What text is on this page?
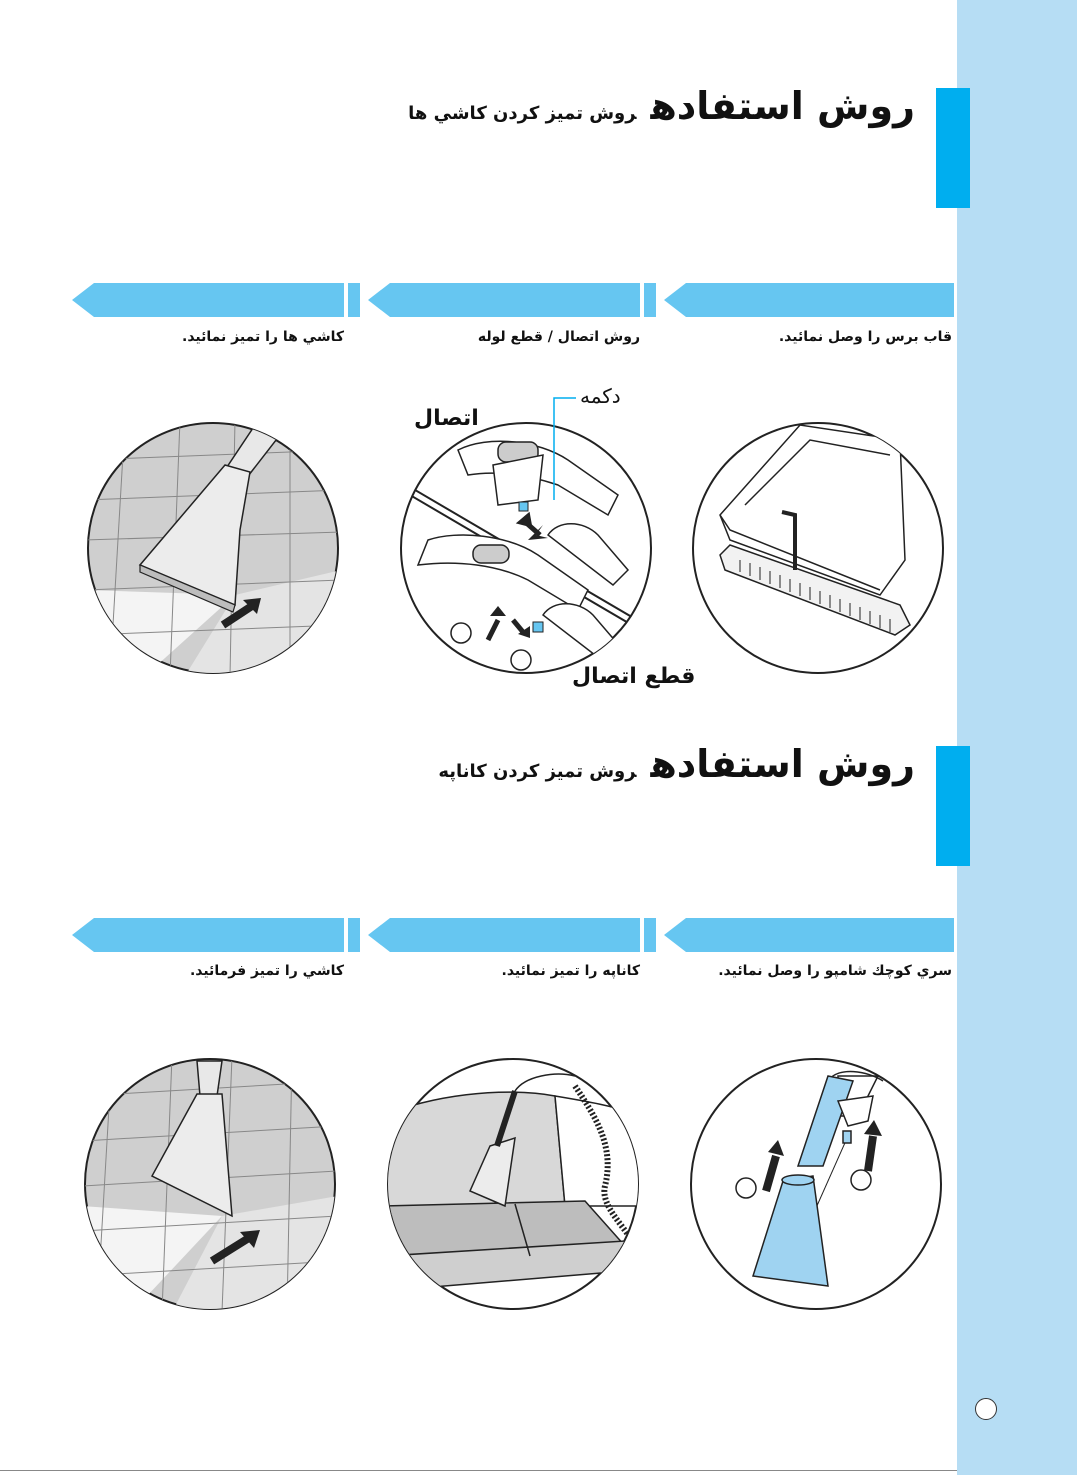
روش استفادهروش تميز كردن كاشي ها
قاب برس را وصل نمائيد.
روش اتصال / قطع لوله
كاشي ها را تميز نمائيد.
دکمه
اتصال
قطع اتصال
روش استفادهروش تميز كردن كاناپه
سري كوچك شامپو را وصل نمائيد.
كاناپه را تميز نمائيد.
كاشي را تميز فرمائيد.
